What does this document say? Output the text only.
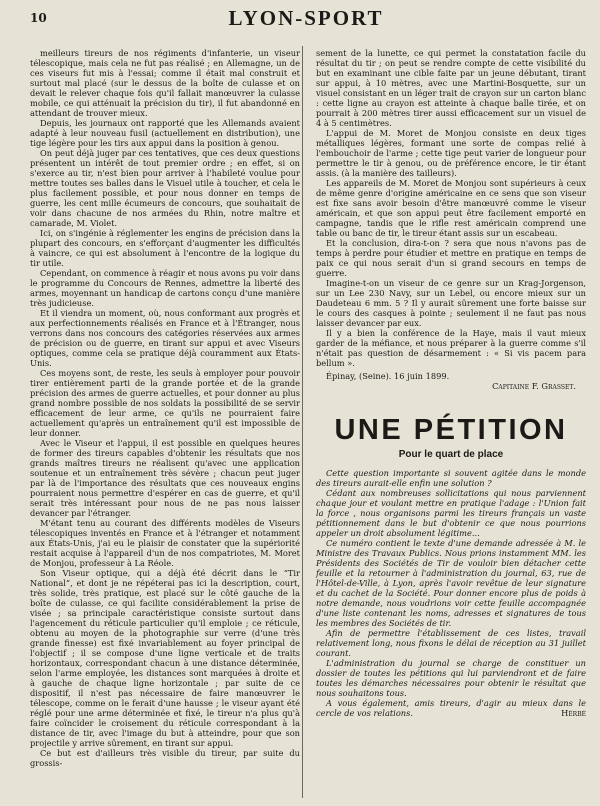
10	LYON-SPORT

meilleurs tireurs de nos régiments d'infanterie, un viseur télescopique, mais cela ne fut pas réalisé ; en Allemagne, un de ces viseurs fut mis à l'essai; comme il était mal construit et surtout mal placé (sur le dessus de la boîte de culasse et on devait le relever chaque fois qu'il fallait manœuvrer la culasse mobile, ce qui atténuait la précision du tir), il fut abandonné en attendant de trouver mieux.

Depuis, les journaux ont rapporté que les Allemands avaient adapté à leur nouveau fusil (actuellement en distribution), une tige légère pour les tirs aux appui dans la position à genou.

On peut déjà juger par ces tentatives, que ces deux questions présentent un intérêt de tout premier ordre ; en effet, si on s'exerce au tir, n'est bien pour arriver à l'habileté voulue pour mettre toutes ses balles dans le Visuel utile à toucher, et cela le plus facilement possible, et pour nous donner en temps de guerre, les cent mille écumeurs de concours, que souhaitait de voir dans chacune de nos armées du Rhin, notre maître et camarade, M. Violet.

Ici, on s'ingénie à réglementer les engins de précision dans la plupart des concours, en s'efforçant d'augmenter les difficultés à vaincre, ce qui est absolument à l'encontre de la logique du tir utile.

Cependant, on commence à réagir et nous avons pu voir dans le programme du Concours de Rennes, admettre la liberté des armes, moyennant un handicap de cartons conçu d'une manière très judicieuse.

Et il viendra un moment, où, nous conformant aux progrès et aux perfectionnements réalisés en France et à l'Étranger, nous verrons dans nos concours des catégories réservées aux armes de précision ou de guerre, en tirant sur appui et avec Viseurs optiques, comme cela se pratique déjà couramment aux États-Unis.

Ces moyens sont, de reste, les seuls à employer pour pouvoir tirer entièrement parti de la grande portée et de la grande précision des armes de guerre actuelles, et pour donner au plus grand nombre possible de nos soldats la possibilité de se servir efficacement de leur arme, ce qu'ils ne pourraient faire actuellement qu'après un entraînement qu'il est impossible de leur donner.

Avec le Viseur et l'appui, il est possible en quelques heures de former des tireurs capables d'obtenir les résultats que nos grands maîtres tireurs ne réalisent qu'avec une application soutenue et un entraînement très sévère ; chacun peut juger par là de l'importance des résultats que ces nouveaux engins pourraient nous permettre d'espérer en cas de guerre, et qu'il serait très intéressant pour nous de ne pas nous laisser devancer par l'étranger.

M'étant tenu au courant des différents modèles de Viseurs télescopiques inventés en France et à l'étranger et notamment aux États-Unis, j'ai eu le plaisir de constater que la supériorité restait acquise à l'appareil d'un de nos compatriotes, M. Moret de Monjou, professeur à La Réole.

Son Viseur optique, qui a déjà été décrit dans le “Tir National”, et dont je ne répéterai pas ici la description, court, très solide, très pratique, est placé sur le côté gauche de la boîte de culasse, ce qui facilite considérablement la prise de visée ; sa principale caractéristique consiste surtout dans l'agencement du réticule particulier qu'il emploie ; ce réticule, obtenu au moyen de la photographie sur verre (d'une très grande finesse) est fixé invariablement au foyer principal de l'objectif ; il se compose d'une ligne verticale et de traits horizontaux, correspondant chacun à une distance déterminée, selon l'arme employée, les distances sont marquées à droite et à gauche de chaque ligne horizontale ; par suite de ce dispositif, il n'est pas nécessaire de faire manœuvrer le télescope, comme on le ferait d'une hausse ; le viseur ayant été réglé pour une arme déterminée et fixé, le tireur n'a plus qu'à faire coïncider le croisement du réticule correspondant à la distance de tir, avec l'image du but à atteindre, pour que son projectile y arrive sûrement, en tirant sur appui.

Ce but est d'ailleurs très visible du tireur, par suite du grossis-

sement de la lunette, ce qui permet la constatation facile du résultat du tir ; on peut se rendre compte de cette visibilité du but en examinant une cible faite par un jeune débutant, tirant sur appui, à 10 mètres, avec une Martini-Bosquette, sur un visuel consistant en un léger trait de crayon sur un carton blanc : cette ligne au crayon est atteinte à chaque balle tirée, et on pourrait à 200 mètres tirer aussi efficacement sur un visuel de 4 à 5 centimètres.

L'appui de M. Moret de Monjou consiste en deux tiges métalliques légères, formant une sorte de compas relié à l'embouchoir de l'arme ; cette tige peut varier de longueur pour permettre le tir à genou, ou de préférence encore, le tir étant assis. (à la manière des tailleurs).

Les appareils de M. Moret de Monjou sont supérieurs à ceux de même genre d'origine américaine en ce sens que son viseur est fixe sans avoir besoin d'être manœuvré comme le viseur américain, et que son appui peut être facilement emporté en campagne, tandis que le rifle rest américain comprend une table ou banc de tir, le tireur étant assis sur un escabeau.

Et la conclusion, dira-t-on ? sera que nous n'avons pas de temps à perdre pour étudier et mettre en pratique en temps de paix ce qui nous serait d'un si grand secours en temps de guerre.

Imagine-t-on un viseur de ce genre sur un Krag-Jorgenson, sur un Lee 230 Navy, sur un Lebel, ou encore mieux sur un Daudeteau 6 mm. 5 ? Il y aurait sûrement une forte baisse sur le cours des casques à pointe ; seulement il ne faut pas nous laisser devancer par eux.

Il y a bien la conférence de la Haye, mais il vaut mieux garder de la méfiance, et nous préparer à la guerre comme s'il n'était pas question de désarmement : « Si vis pacem para bellum ».

Épinay, (Seine). 16 juin 1899.
Capitaine F. Grasset.
UNE PÉTITION
Pour le quart de place

Cette question importante si souvent agitée dans le monde des tireurs aurait-elle enfin une solution ?

Cédant aux nombreuses sollicitations qui nous parviennent chaque jour et voulant mettre en pratique l'adage : l'Union fait la force , nous organisons parmi les tireurs français un vaste pétitionnement dans le but d'obtenir ce que nous pourrions appeler un droit absolument légitime...

Ce numéro contient le texte d'une demande adressée à M. le Ministre des Travaux Publics. Nous prions instamment MM. les Présidents des Sociétés de Tir de vouloir bien détacher cette feuille et la retourner à l'administration du journal, 63, rue de l'Hôtel-de-Ville, à Lyon, après l'avoir revêtue de leur signature et du cachet de la Société. Pour donner encore plus de poids à notre demande, nous voudrions voir cette feuille accompagnée d'une liste contenant les noms, adresses et signatures de tous les membres des Sociétés de tir.

Afin de permettre l'établissement de ces listes, travail relativement long, nous fixons le délai de réception au 31 juillet courant.

L'administration du journal se charge de constituer un dossier de toutes les pétitions qui lui parviendront et de faire toutes les démarches nécessaires pour obtenir le résultat que nous souhaitons tous.

A vous également, amis tireurs, d'agir au mieux dans le cercle de vos relations.	Hérbé
